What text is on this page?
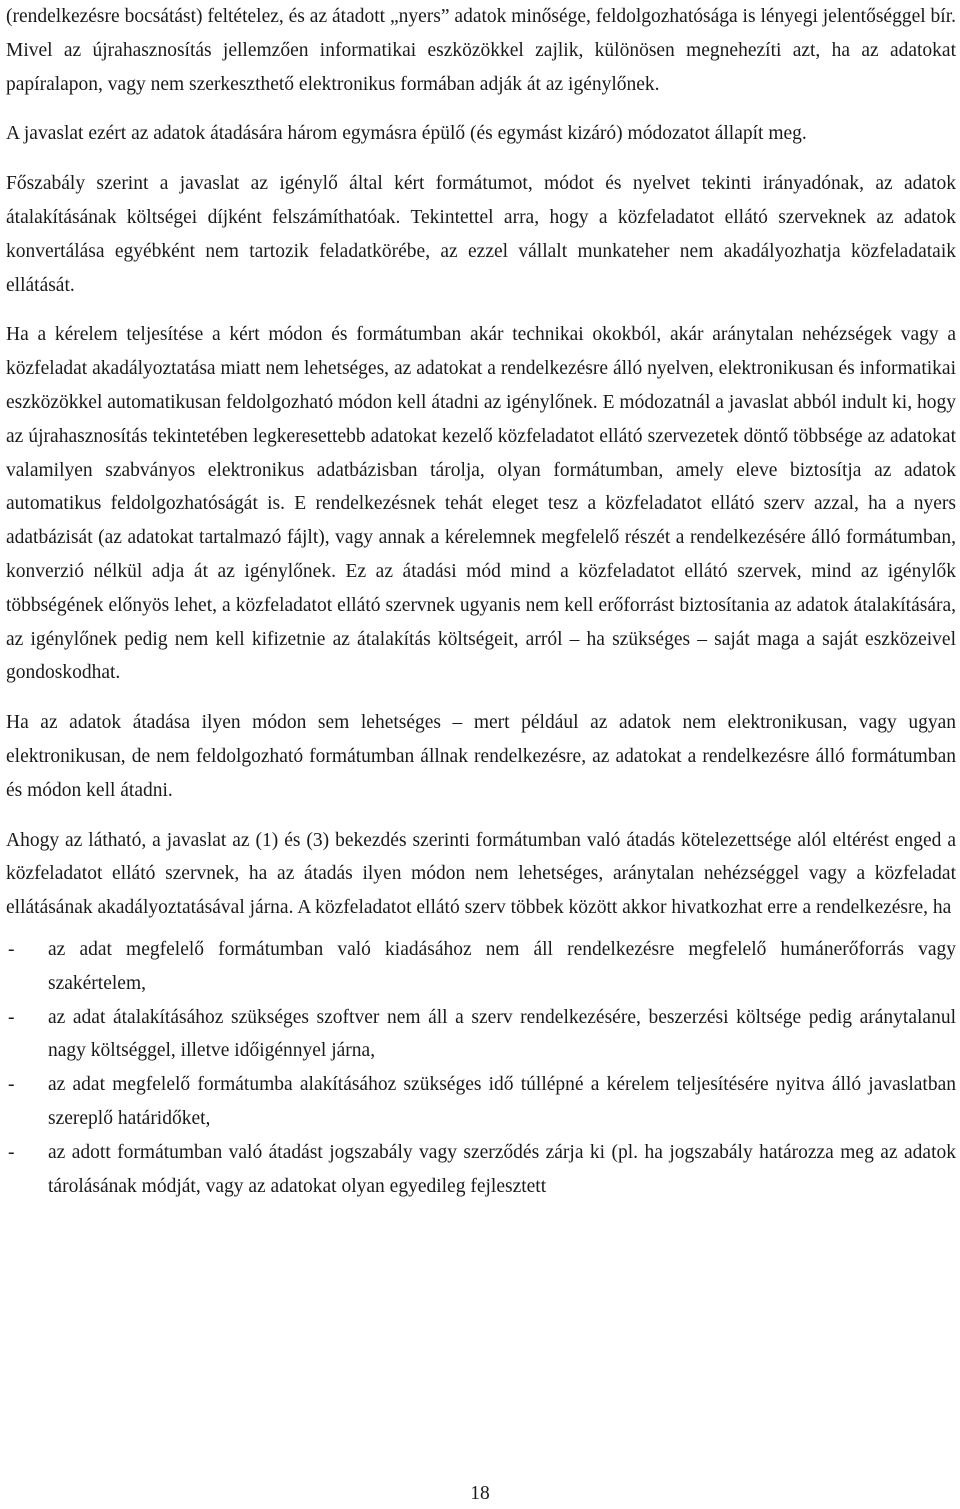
(rendelkezésre bocsátást) feltételez, és az átadott „nyers” adatok minősége, feldolgozhatósága is lényegi jelentőséggel bír. Mivel az újrahasznosítás jellemzően informatikai eszközökkel zajlik, különösen megnehezíti azt, ha az adatokat papíralapon, vagy nem szerkeszthető elektronikus formában adják át az igénylőnek.

A javaslat ezért az adatok átadására három egymásra épülő (és egymást kizáró) módozatot állapít meg.

Főszabály szerint a javaslat az igénylő által kért formátumot, módot és nyelvet tekinti irányadónak, az adatok átalakításának költségei díjként felszámíthatóak. Tekintettel arra, hogy a közfeladatot ellátó szerveknek az adatok konvertálása egyébként nem tartozik feladatkörébe, az ezzel vállalt munkateher nem akadályozhatja közfeladataik ellátását.

Ha a kérelem teljesítése a kért módon és formátumban akár technikai okokból, akár aránytalan nehézségek vagy a közfeladat akadályoztatása miatt nem lehetséges, az adatokat a rendelkezésre álló nyelven, elektronikusan és informatikai eszközökkel automatikusan feldolgozható módon kell átadni az igénylőnek. E módozatnál a javaslat abból indult ki, hogy az újrahasznosítás tekintetében legkeresettebb adatokat kezelő közfeladatot ellátó szervezetek döntő többsége az adatokat valamilyen szabványos elektronikus adatbázisban tárolja, olyan formátumban, amely eleve biztosítja az adatok automatikus feldolgozhatóságát is. E rendelkezésnek tehát eleget tesz a közfeladatot ellátó szerv azzal, ha a nyers adatbázisát (az adatokat tartalmazó fájlt), vagy annak a kérelemnek megfelelő részét a rendelkezésére álló formátumban, konverzió nélkül adja át az igénylőnek. Ez az átadási mód mind a közfeladatot ellátó szervek, mind az igénylők többségének előnyös lehet, a közfeladatot ellátó szervnek ugyanis nem kell erőforrást biztosítania az adatok átalakítására, az igénylőnek pedig nem kell kifizetnie az átalakítás költségeit, arról – ha szükséges – saját maga a saját eszközeivel gondoskodhat.

Ha az adatok átadása ilyen módon sem lehetséges – mert például az adatok nem elektronikusan, vagy ugyan elektronikusan, de nem feldolgozható formátumban állnak rendelkezésre, az adatokat a rendelkezésre álló formátumban és módon kell átadni.

Ahogy az látható, a javaslat az (1) és (3) bekezdés szerinti formátumban való átadás kötelezettsége alól eltérést enged a közfeladatot ellátó szervnek, ha az átadás ilyen módon nem lehetséges, aránytalan nehézséggel vagy a közfeladat ellátásának akadályoztatásával járna. A közfeladatot ellátó szerv többek között akkor hivatkozhat erre a rendelkezésre, ha

- az adat megfelelő formátumban való kiadásához nem áll rendelkezésre megfelelő humánerőforrás vagy szakértelem,
- az adat átalakításához szükséges szoftver nem áll a szerv rendelkezésére, beszerzési költsége pedig aránytalanul nagy költséggel, illetve időigénnyel járna,
- az adat megfelelő formátumba alakításához szükséges idő túllépné a kérelem teljesítésére nyitva álló javaslatban szereplő határidőket,
- az adott formátumban való átadást jogszabály vagy szerződés zárja ki (pl. ha jogszabály határozza meg az adatok tárolásának módját, vagy az adatokat olyan egyedileg fejlesztett
18
